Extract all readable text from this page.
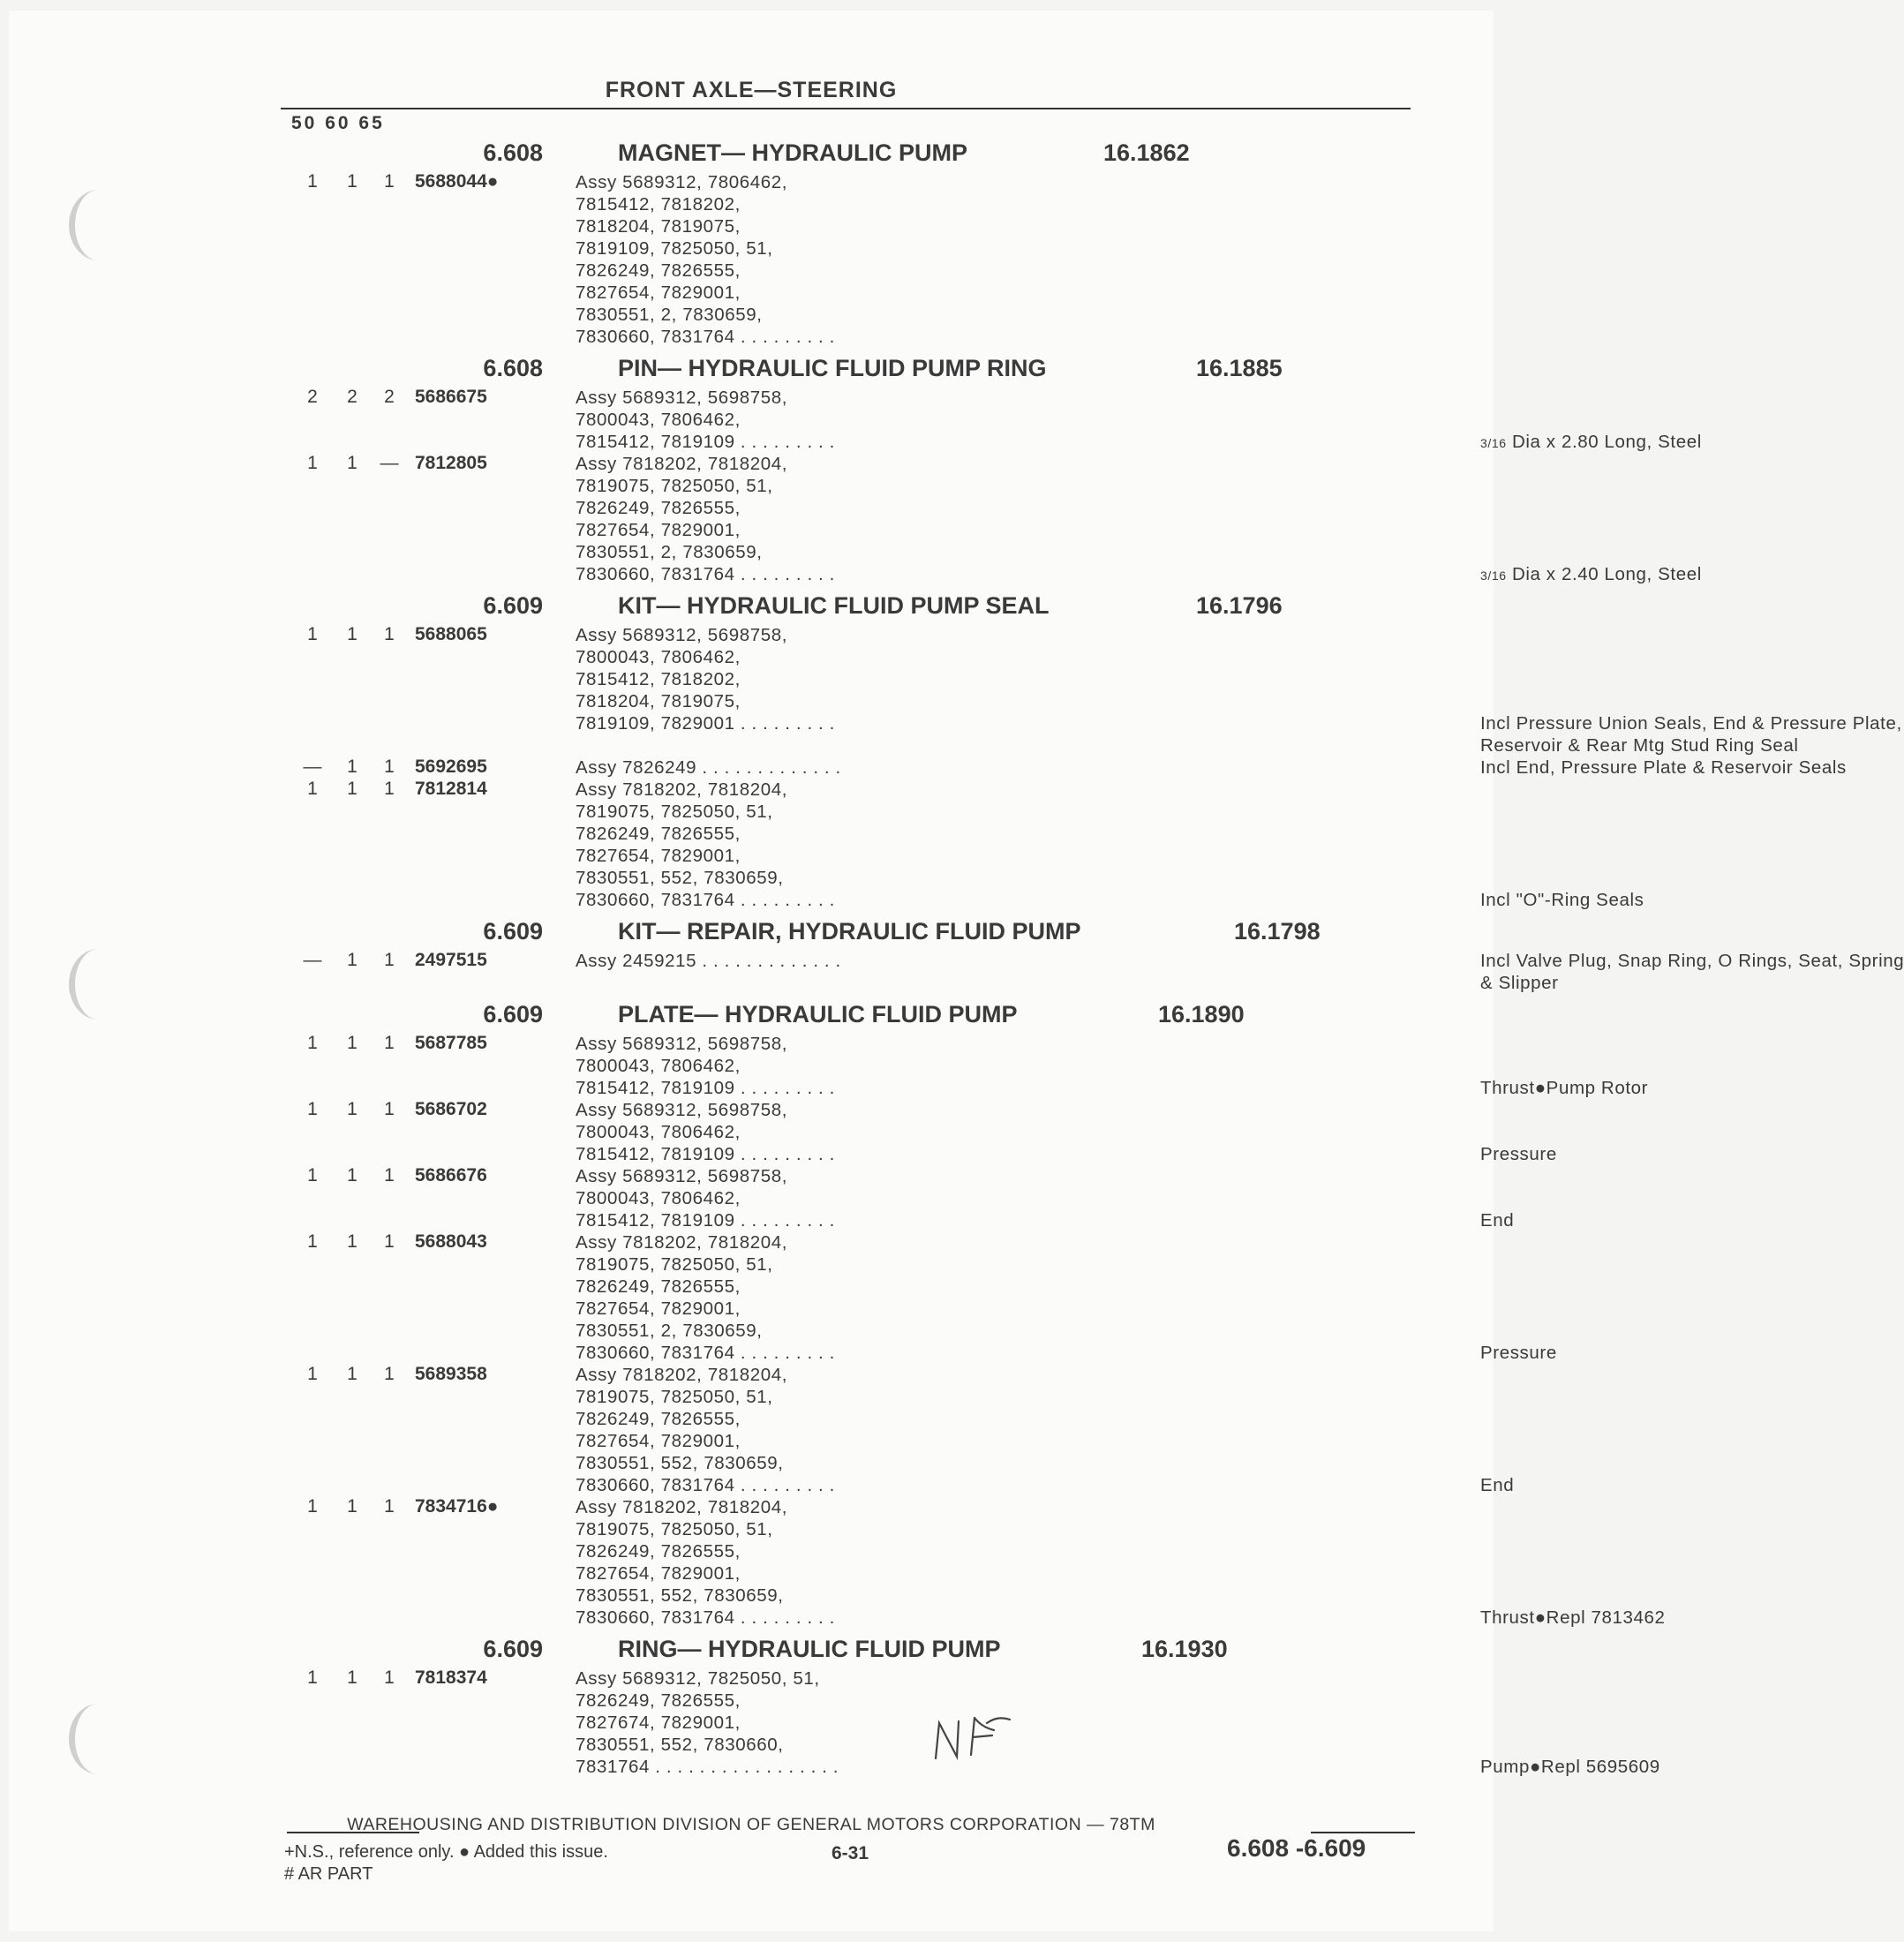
FRONT AXLE—STEERING
50 60 65
6.608	MAGNET— HYDRAULIC PUMP	16.1862
1 1 1 5688044●	Assy 5689312, 7806462,
7815412, 7818202,
7818204, 7819075,
7819109, 7825050, 51,
7826249, 7826555,
7827654, 7829001,
7830551, 2, 7830659,
7830660, 7831764 . . . . . . . . .
6.608	PIN— HYDRAULIC FLUID PUMP RING	16.1885
2 2 2 5686675	Assy 5689312, 5698758,
7800043, 7806462,
7815412, 7819109 . . . . . . . . .	3/16 Dia x 2.80 Long, Steel
1 1 — 7812805	Assy 7818202, 7818204,
7819075, 7825050, 51,
7826249, 7826555,
7827654, 7829001,
7830551, 2, 7830659,
7830660, 7831764 . . . . . . . . .	3/16 Dia x 2.40 Long, Steel
6.609	KIT— HYDRAULIC FLUID PUMP SEAL	16.1796
1 1 1 5688065	Assy 5689312, 5698758,
7800043, 7806462,
7815412, 7818202,
7818204, 7819075,
7819109, 7829001 . . . . . . . . .	Incl Pressure Union Seals, End & Pressure Plate,
Reservoir & Rear Mtg Stud Ring Seal
— 1 1 5692695	Assy 7826249 . . . . . . . . . . . . .	Incl End, Pressure Plate & Reservoir Seals
1 1 1 7812814	Assy 7818202, 7818204,
7819075, 7825050, 51,
7826249, 7826555,
7827654, 7829001,
7830551, 552, 7830659,
7830660, 7831764 . . . . . . . . .	Incl "O"-Ring Seals
6.609	KIT— REPAIR, HYDRAULIC FLUID PUMP	16.1798
— 1 1 2497515	Assy 2459215 . . . . . . . . . . . . .	Incl Valve Plug, Snap Ring, O Rings, Seat, Spring
& Slipper
6.609	PLATE— HYDRAULIC FLUID PUMP	16.1890
1 1 1 5687785	Assy 5689312, 5698758,
7800043, 7806462,
7815412, 7819109 . . . . . . . . .	Thrust●Pump Rotor
1 1 1 5686702	Assy 5689312, 5698758,
7800043, 7806462,
7815412, 7819109 . . . . . . . . .	Pressure
1 1 1 5686676	Assy 5689312, 5698758,
7800043, 7806462,
7815412, 7819109 . . . . . . . . .	End
1 1 1 5688043	Assy 7818202, 7818204,
7819075, 7825050, 51,
7826249, 7826555,
7827654, 7829001,
7830551, 2, 7830659,
7830660, 7831764 . . . . . . . . .	Pressure
1 1 1 5689358	Assy 7818202, 7818204,
7819075, 7825050, 51,
7826249, 7826555,
7827654, 7829001,
7830551, 552, 7830659,
7830660, 7831764 . . . . . . . . .	End
1 1 1 7834716●	Assy 7818202, 7818204,
7819075, 7825050, 51,
7826249, 7826555,
7827654, 7829001,
7830551, 552, 7830659,
7830660, 7831764 . . . . . . . . .	Thrust●Repl 7813462
6.609	RING— HYDRAULIC FLUID PUMP	16.1930
1 1 1 7818374	Assy 5689312, 7825050, 51,
7826249, 7826555,
7827674, 7829001,
7830551, 552, 7830660,
7831764 . . . . . . . . . . . . . . . . .	Pump●Repl 5695609
WAREHOUSING AND DISTRIBUTION DIVISION OF GENERAL MOTORS CORPORATION — 78TM
+N.S., reference only. ● Added this issue.
# AR PART
6-31	6.608 -6.609
